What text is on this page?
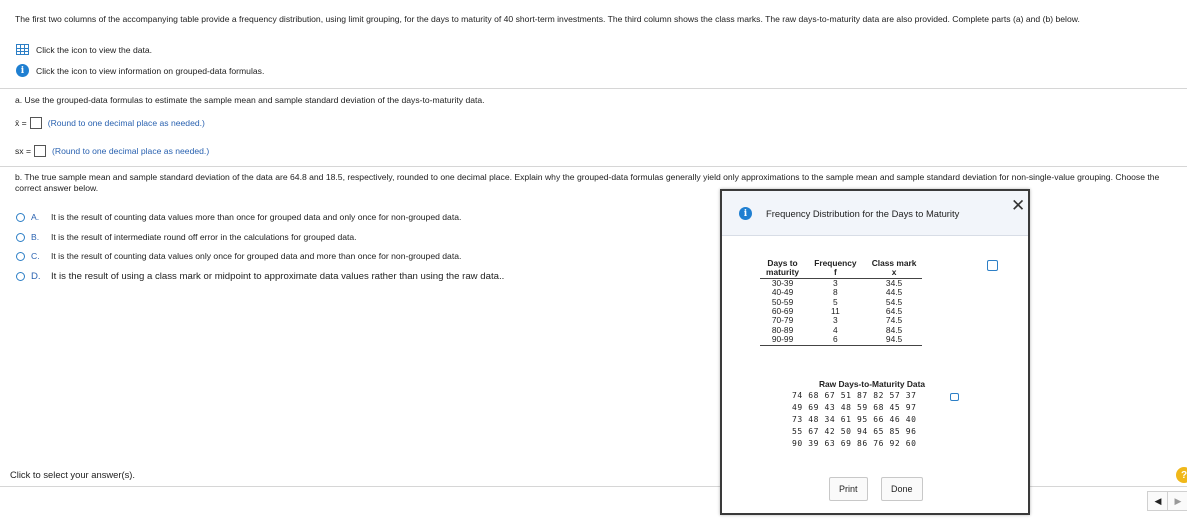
The first two columns of the accompanying table provide a frequency distribution, using limit grouping, for the days to maturity of 40 short-term investments. The third column shows the class marks. The raw days-to-maturity data are also provided. Complete parts (a) and (b) below.
Click the icon to view the data.
i	Click the icon to view information on grouped-data formulas.
a. Use the grouped-data formulas to estimate the sample mean and sample standard deviation of the days-to-maturity data.
x̄ = (Round to one decimal place as needed.)
sx = (Round to one decimal place as needed.)
b. The true sample mean and sample standard deviation of the data are 64.8 and 18.5, respectively, rounded to one decimal place. Explain why the grouped-data formulas generally yield only approximations to the sample mean and sample standard deviation for non-single-value grouping. Choose the correct answer below.
A.	It is the result of counting data values more than once for grouped data and only once for non-grouped data.
B.	It is the result of intermediate round off error in the calculations for grouped data.
C.	It is the result of counting data values only once for grouped data and more than once for non-grouped data.
D.	It is the result of using a class mark or midpoint to approximate data values rather than using the raw data..
Click to select your answer(s).	?
◀	▶
i	Frequency Distribution for the Days to Maturity	✕
Days to	Frequency	Class mark
maturity	f	x
30-39	3	34.5
40-49	8	44.5
50-59	5	54.5
60-69	11	64.5
70-79	3	74.5
80-89	4	84.5
90-99	6	94.5
Raw Days-to-Maturity Data
74 68 67 51 87 82 57 37
49 69 43 48 59 68 45 97
73 48 34 61 95 66 46 40
55 67 42 50 94 65 85 96
90 39 63 69 86 76 92 60
Print	Done
